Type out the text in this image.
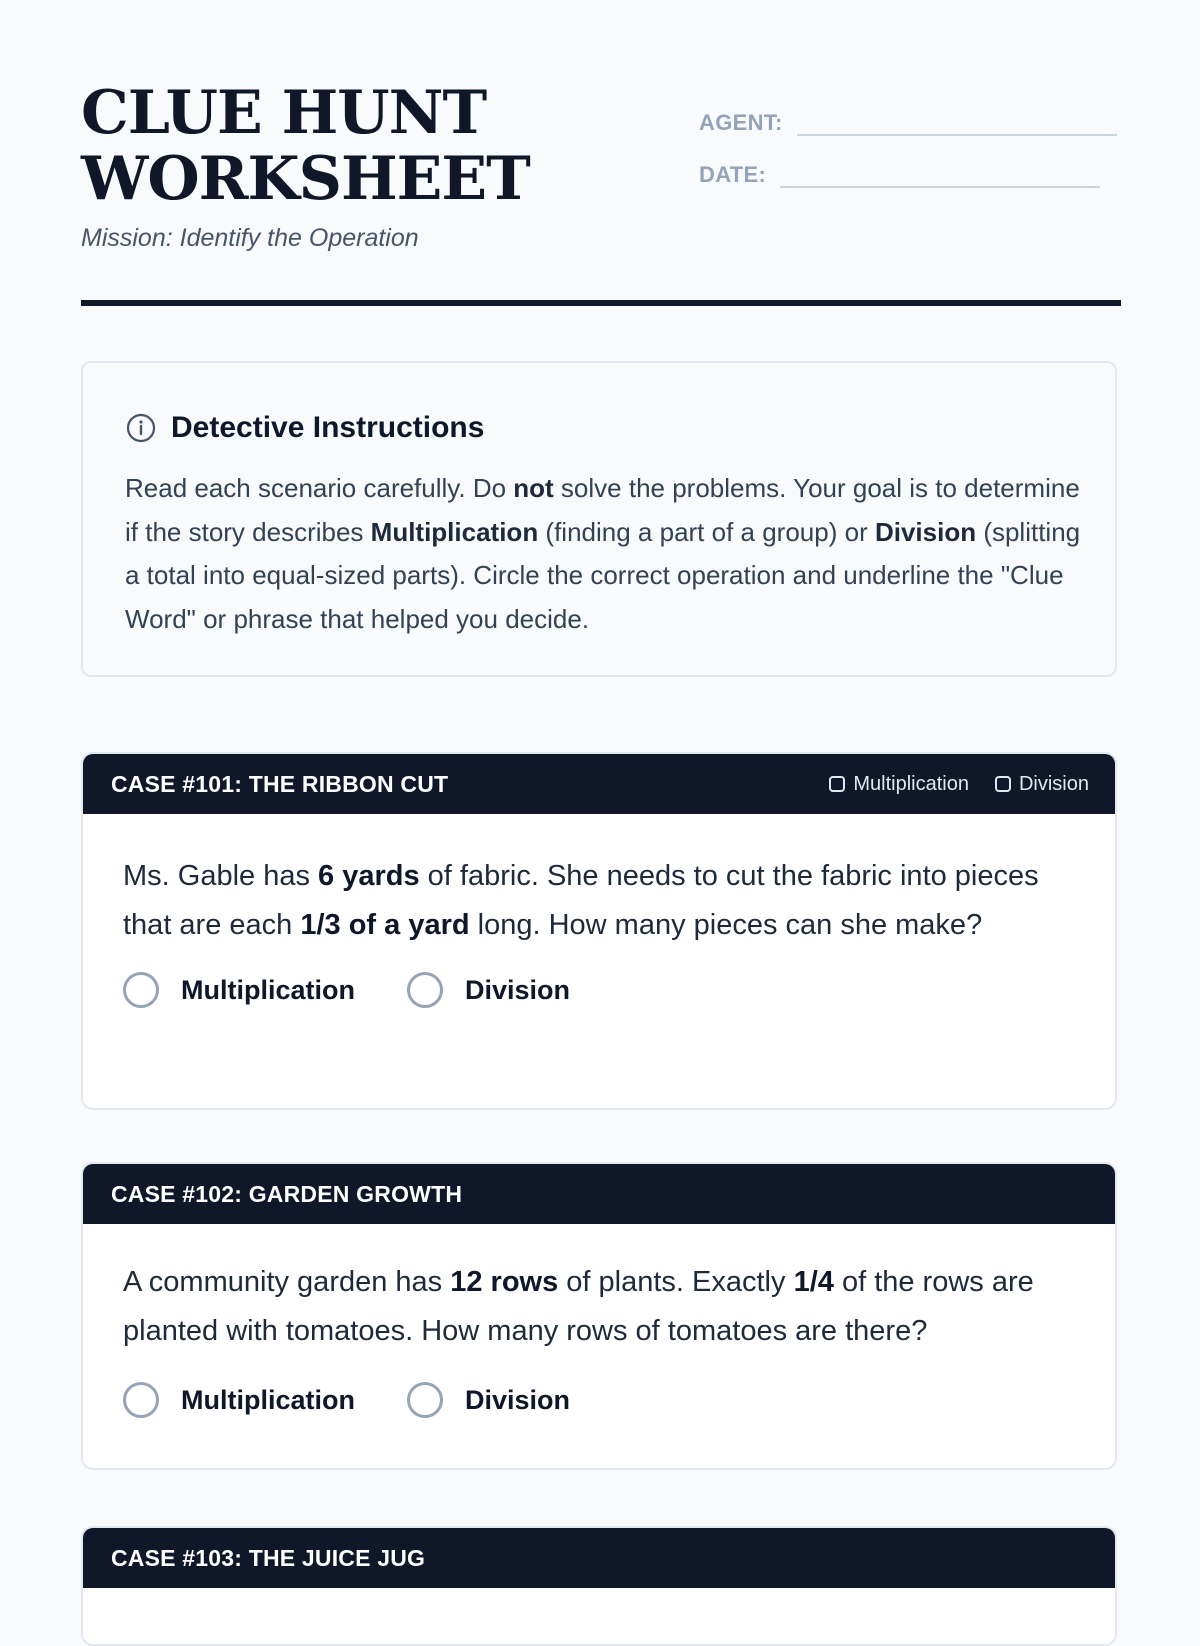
CLUE HUNT
WORKSHEET

Mission: Identify the Operation

AGENT:
DATE:
Detective Instructions

Read each scenario carefully. Do not solve the problems. Your goal is to determine if the story describes Multiplication (finding a part of a group) or Division (splitting a total into equal-sized parts). Circle the correct operation and underline the "Clue Word" or phrase that helped you decide.

CASE #101: THE RIBBON CUT	Multiplication	Division

Ms. Gable has 6 yards of fabric. She needs to cut the fabric into pieces that are each 1/3 of a yard long. How many pieces can she make?

Multiplication	Division
CASE #102: GARDEN GROWTH

A community garden has 12 rows of plants. Exactly 1/4 of the rows are planted with tomatoes. How many rows of tomatoes are there?

Multiplication	Division
CASE #103: THE JUICE JUG
